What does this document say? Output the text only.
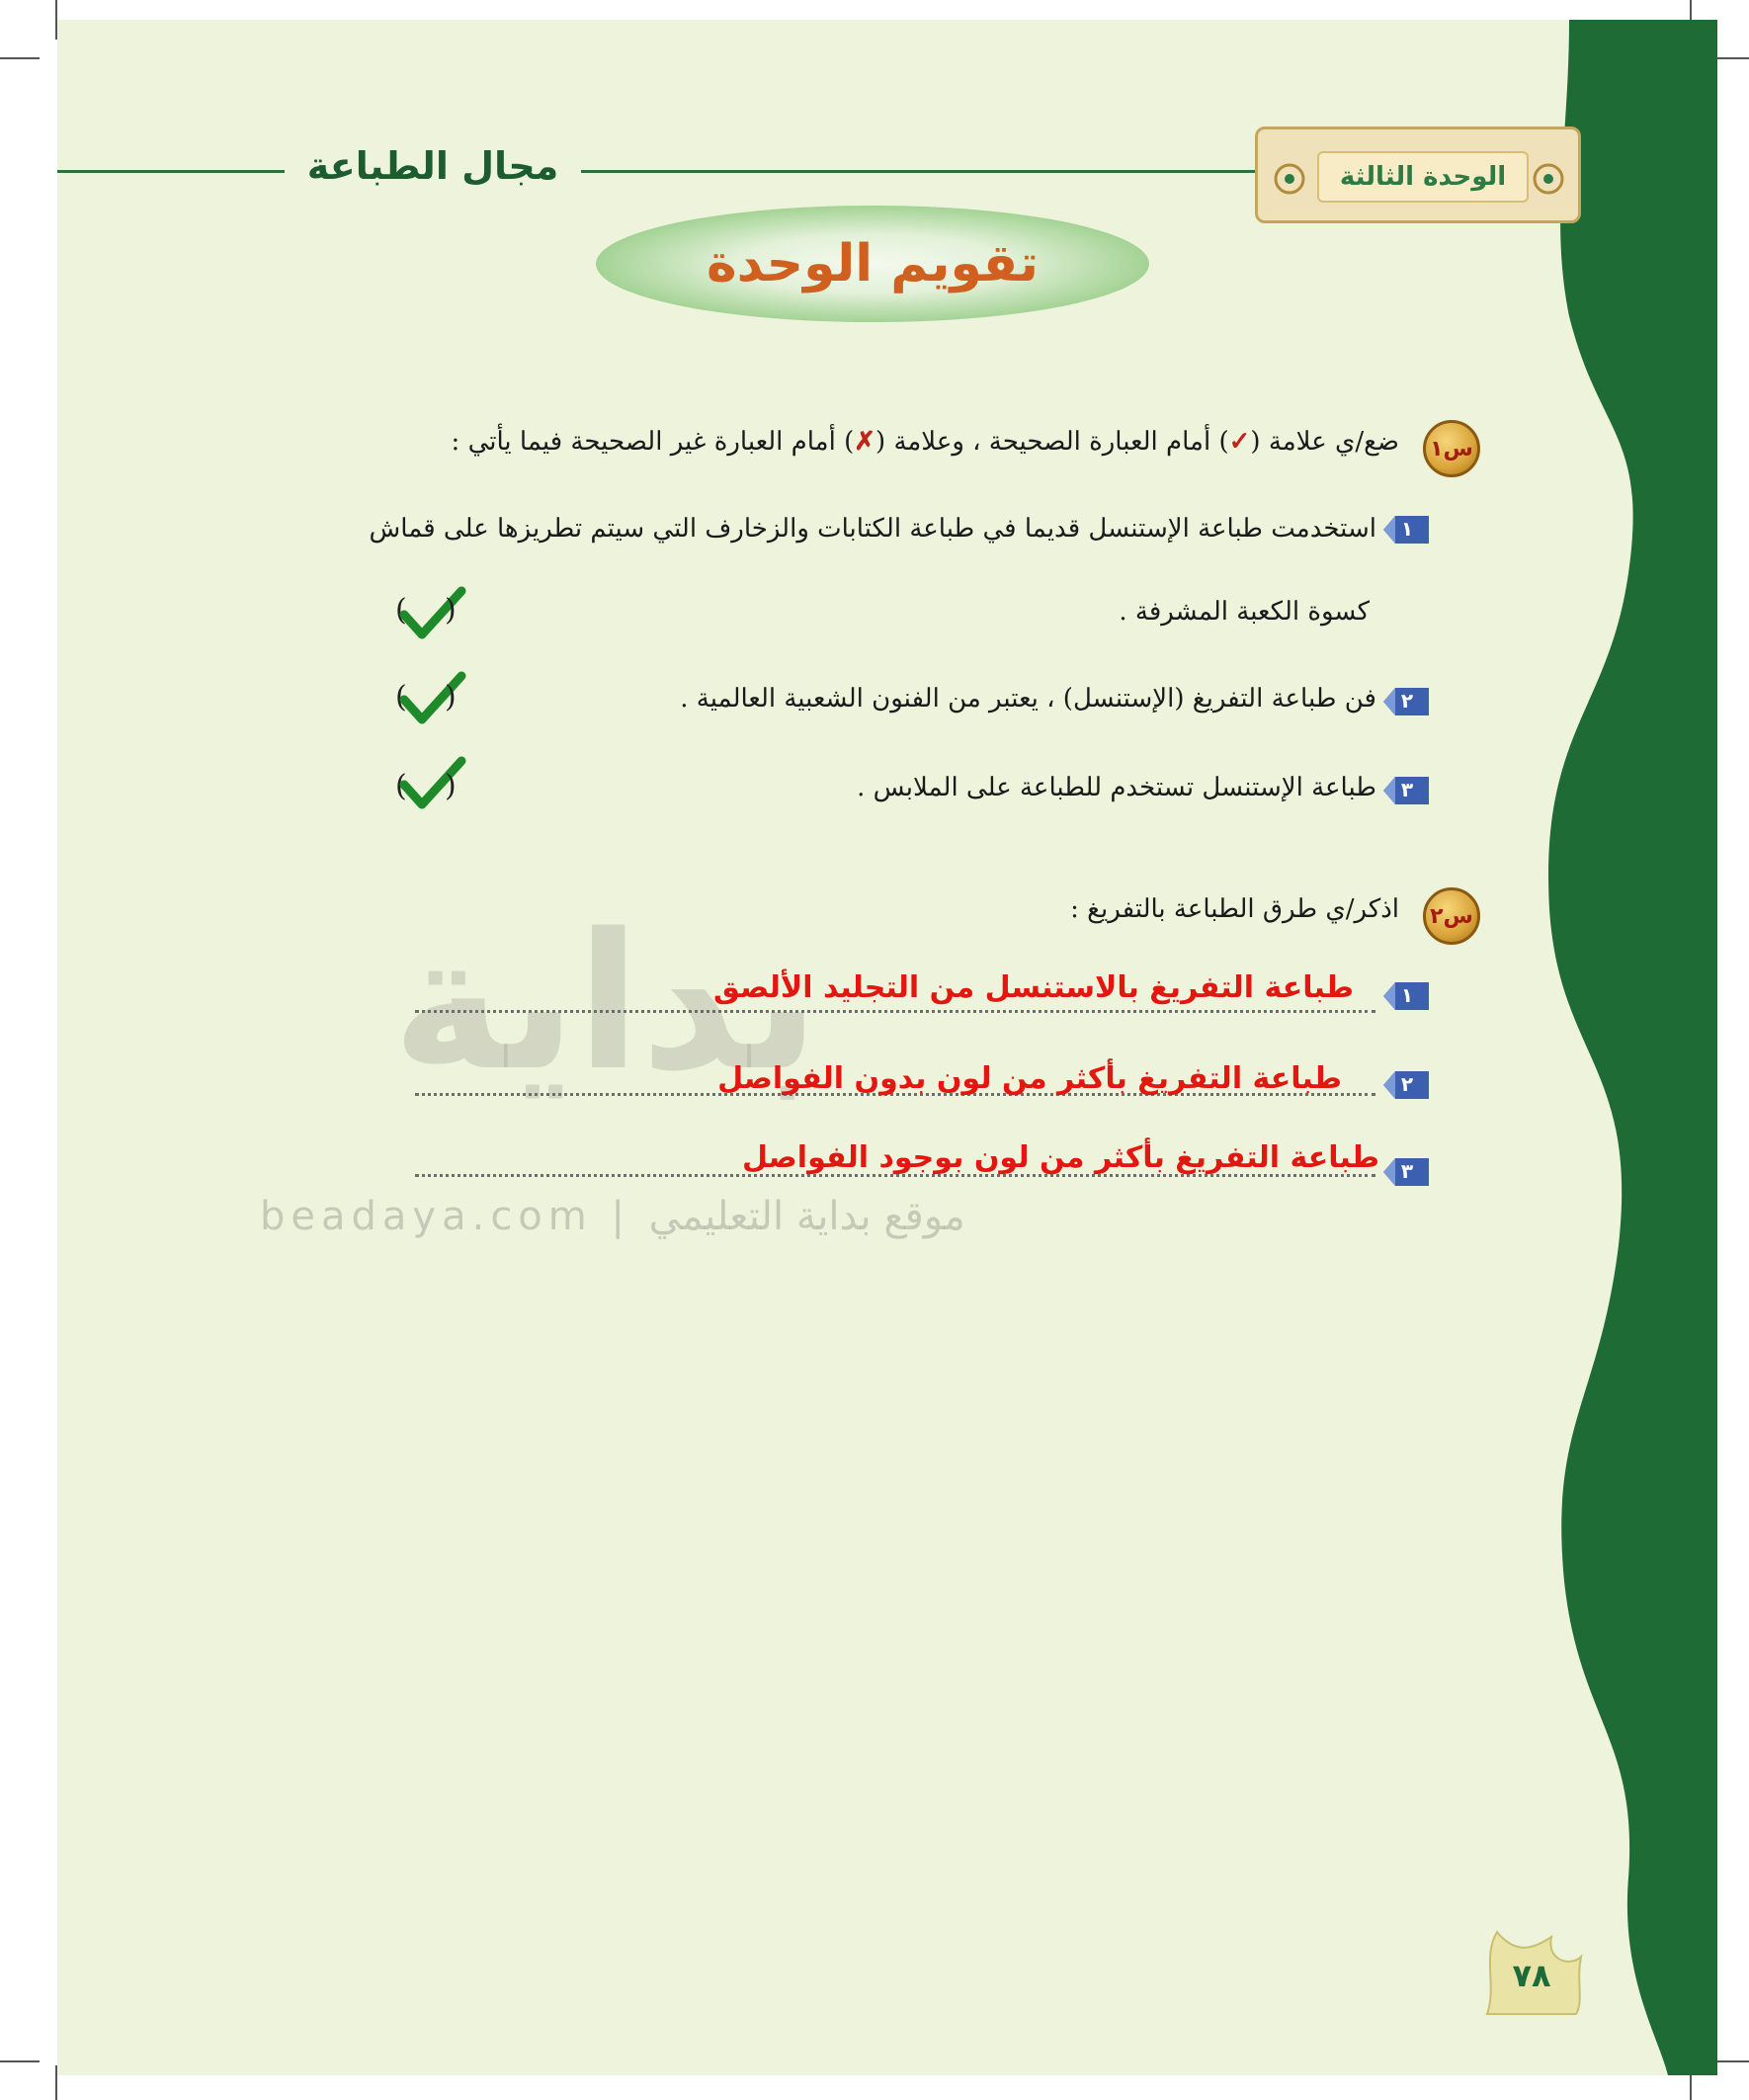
مجال الطباعة	الوحدة الثالثة
تقويم الوحدة
بداية
beadaya.com | موقع بداية التعليمي
س١
ضع/ي علامة (✓) أمام العبارة الصحيحة ، وعلامة (✗) أمام العبارة غير الصحيحة فيما يأتي :
١
استخدمت طباعة الإستنسل قديما في طباعة الكتابات والزخارف التي سيتم تطريزها على قماش
كسوة الكعبة المشرفة .
( )
٢
فن طباعة التفريغ (الإستنسل) ، يعتبر من الفنون الشعبية العالمية .
( )
٣
طباعة الإستنسل تستخدم للطباعة على الملابس .
( )
س٢
اذكر/ي طرق الطباعة بالتفريغ :
١
طباعة التفريغ بالاستنسل من التجليد الألصق
٢
طباعة التفريغ بأكثر من لون بدون الفواصل
٣
طباعة التفريغ بأكثر من لون بوجود الفواصل
٧٨
